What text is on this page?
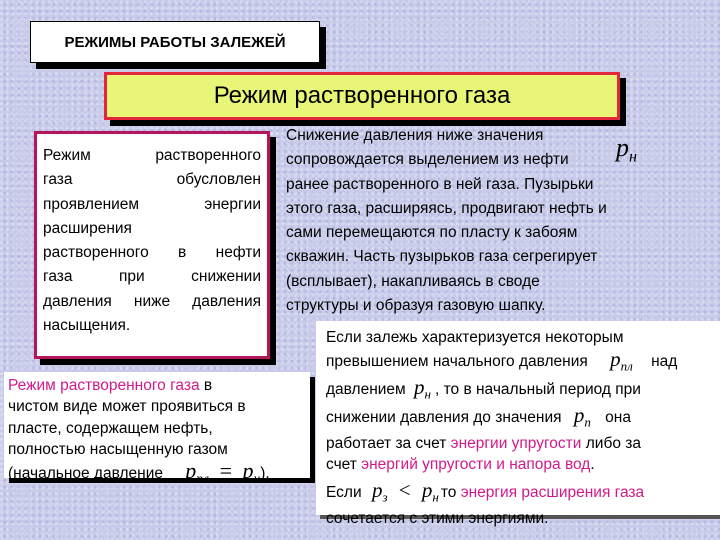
РЕЖИМЫ РАБОТЫ ЗАЛЕЖЕЙ
Режим растворенного газа
Режим	растворенного
газа	обусловлен
проявлением	энергии
расширения
растворенного в нефти
газа	при	снижении
давления ниже давления
насыщения.
Снижение давления ниже значения
сопровождается выделением из нефти
ранее растворенного в ней газа. Пузырьки
этого газа, расширяясь, продвигают нефть и
сами перемещаются по пласту к забоям
скважин. Часть пузырьков газа сегрегирует
(всплывает), накапливаясь в своде
структуры и образуя газовую шапку.
$p_н$
Режим растворенного газа в
чистом виде может проявиться в
пласте, содержащем нефть,
полностью насыщенную газом
(начальное давление $p_{пл} = p_н$).
Если залежь характеризуется некоторым
превышением начального давления $p_{пл}$ над
давлением $p_н$ , то в начальный период при
снижении давления до значения $p_п$ она
работает за счет энергии упругости либо за
счет энергий упругости и напора вод.
Если $p_з < p_н$ то энергия расширения газа
сочетается с этими энергиями.
